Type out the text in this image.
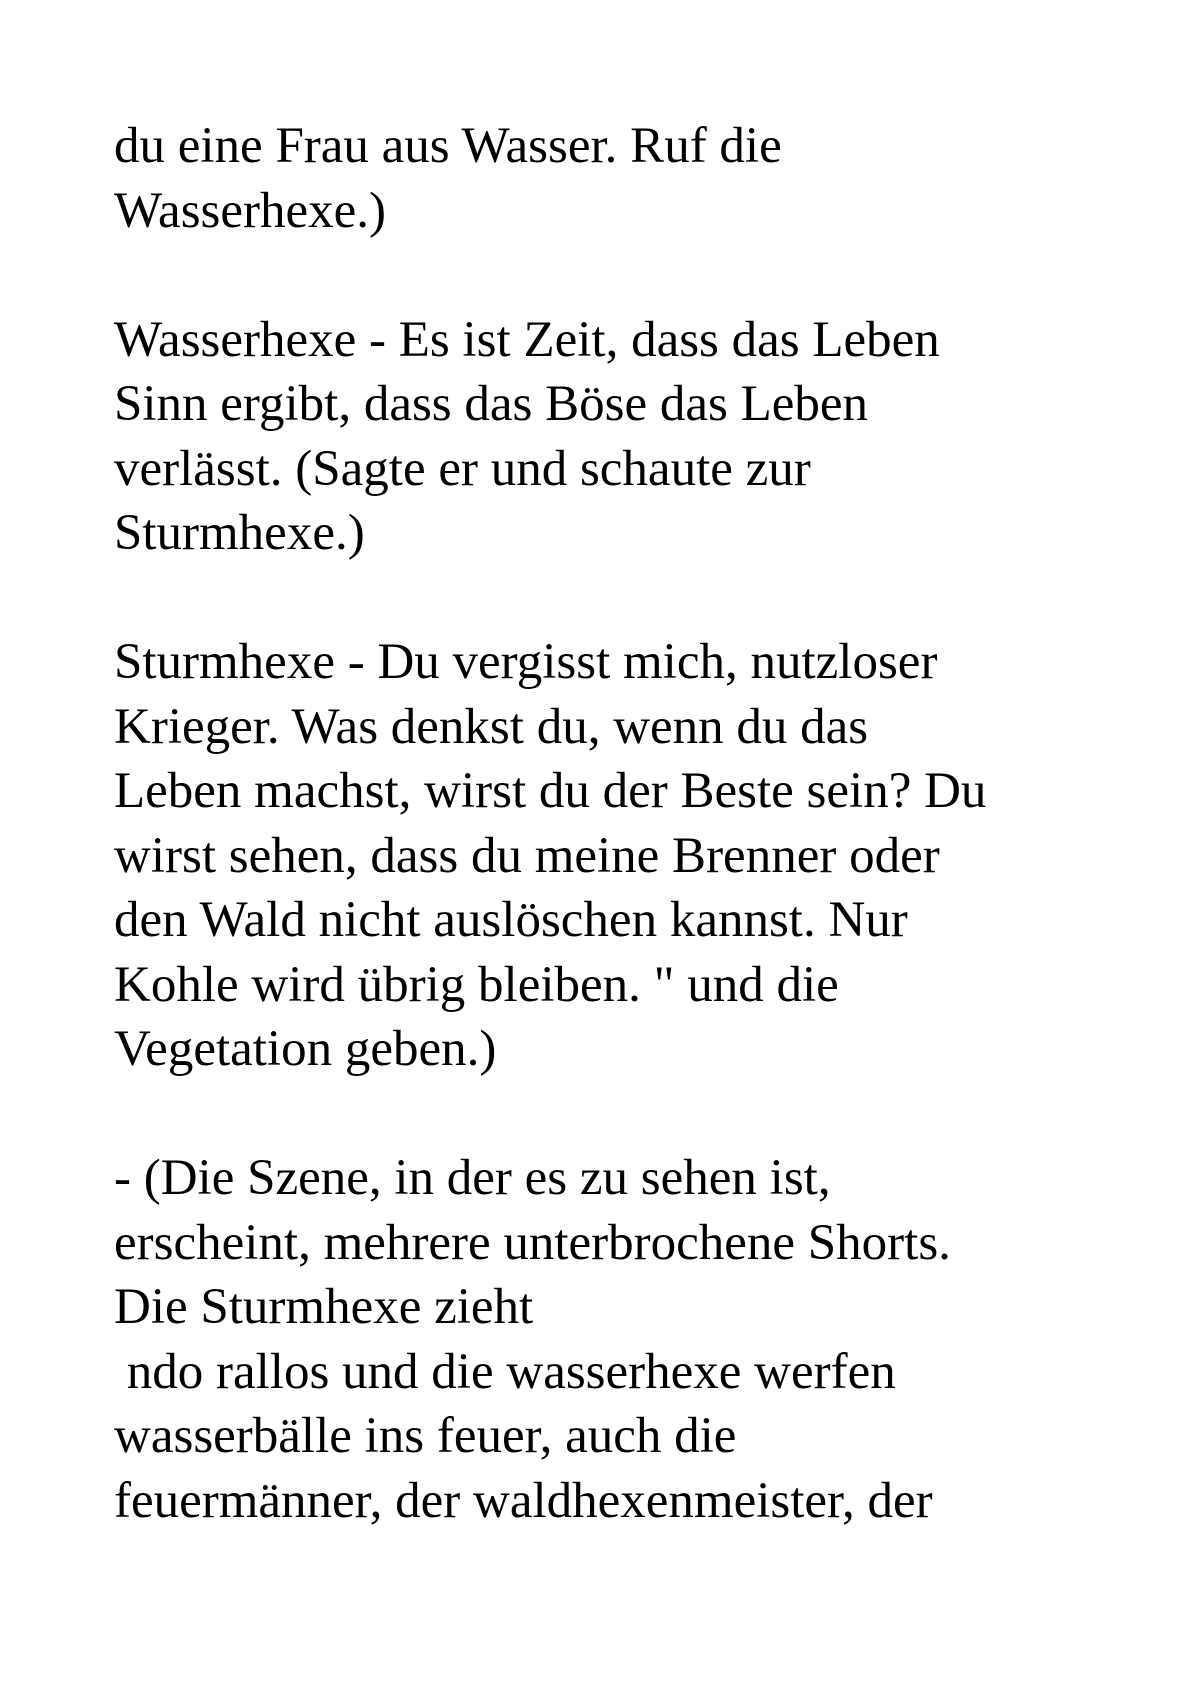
du eine Frau aus Wasser. Ruf die
Wasserhexe.)
Wasserhexe - Es ist Zeit, dass das Leben
Sinn ergibt, dass das Böse das Leben
verlässt. (Sagte er und schaute zur
Sturmhexe.)
Sturmhexe - Du vergisst mich, nutzloser
Krieger. Was denkst du, wenn du das
Leben machst, wirst du der Beste sein? Du
wirst sehen, dass du meine Brenner oder
den Wald nicht auslöschen kannst. Nur
Kohle wird übrig bleiben. " und die
Vegetation geben.)
- (Die Szene, in der es zu sehen ist,
erscheint, mehrere unterbrochene Shorts.
Die Sturmhexe zieht
ndo rallos und die wasserhexe werfen
wasserbälle ins feuer, auch die
feuermänner, der waldhexenmeister, der
